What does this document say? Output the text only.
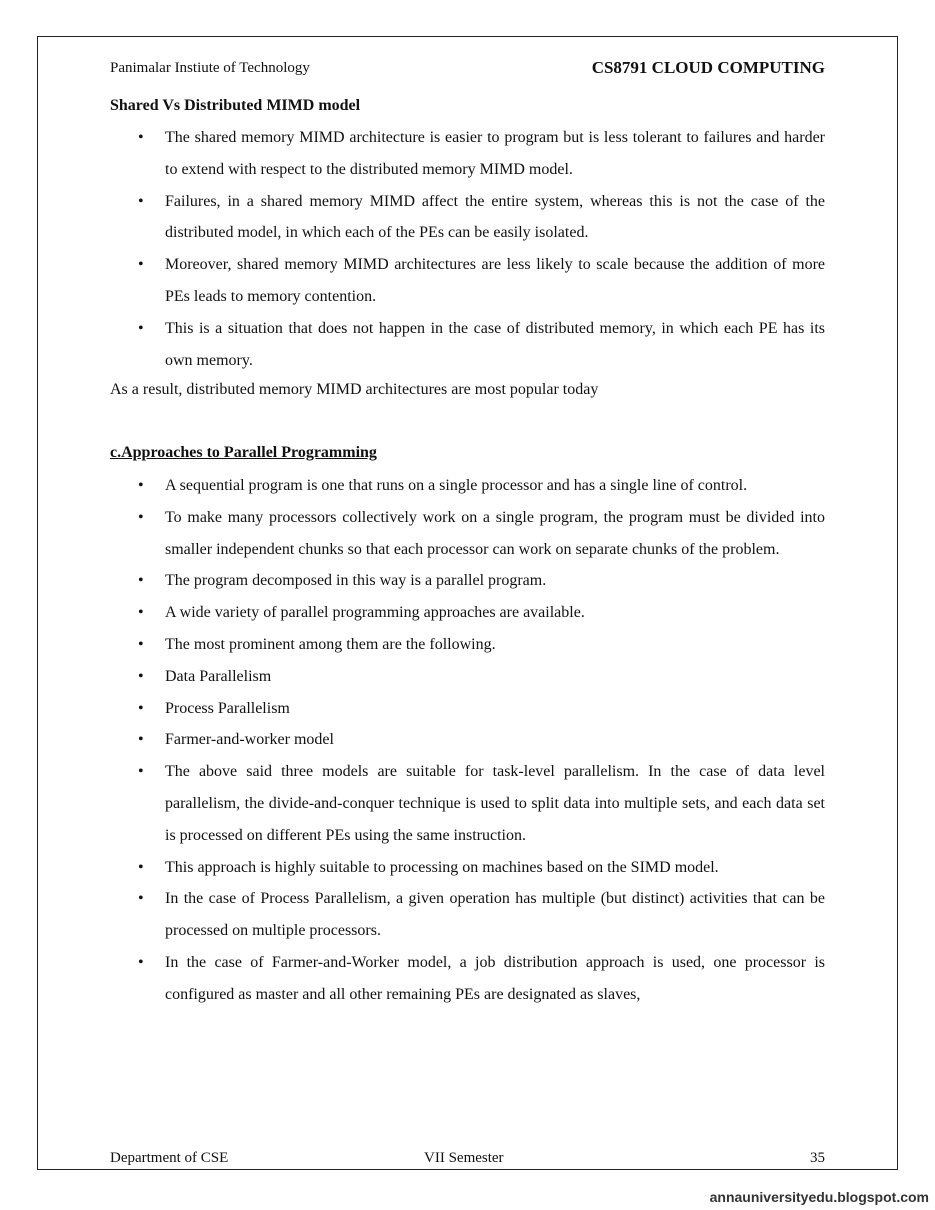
Panimalar Instiute of Technology	CS8791 CLOUD COMPUTING
Shared Vs Distributed MIMD model
• The shared memory MIMD architecture is easier to program but is less tolerant to failures and harder to extend with respect to the distributed memory MIMD model.
• Failures, in a shared memory MIMD affect the entire system, whereas this is not the case of the distributed model, in which each of the PEs can be easily isolated.
• Moreover, shared memory MIMD architectures are less likely to scale because the addition of more PEs leads to memory contention.
• This is a situation that does not happen in the case of distributed memory, in which each PE has its own memory.
As a result, distributed memory MIMD architectures are most popular today
c.Approaches to Parallel Programming
• A sequential program is one that runs on a single processor and has a single line of control.
• To make many processors collectively work on a single program, the program must be divided into smaller independent chunks so that each processor can work on separate chunks of the problem.
• The program decomposed in this way is a parallel program.
• A wide variety of parallel programming approaches are available.
• The most prominent among them are the following.
• Data Parallelism
• Process Parallelism
• Farmer-and-worker model
• The above said three models are suitable for task-level parallelism. In the case of data level parallelism, the divide-and-conquer technique is used to split data into multiple sets, and each data set is processed on different PEs using the same instruction.
• This approach is highly suitable to processing on machines based on the SIMD model.
• In the case of Process Parallelism, a given operation has multiple (but distinct) activities that can be processed on multiple processors.
• In the case of Farmer-and-Worker model, a job distribution approach is used, one processor is configured as master and all other remaining PEs are designated as slaves,
Department of CSE	VII Semester	35
annauniversityedu.blogspot.com
